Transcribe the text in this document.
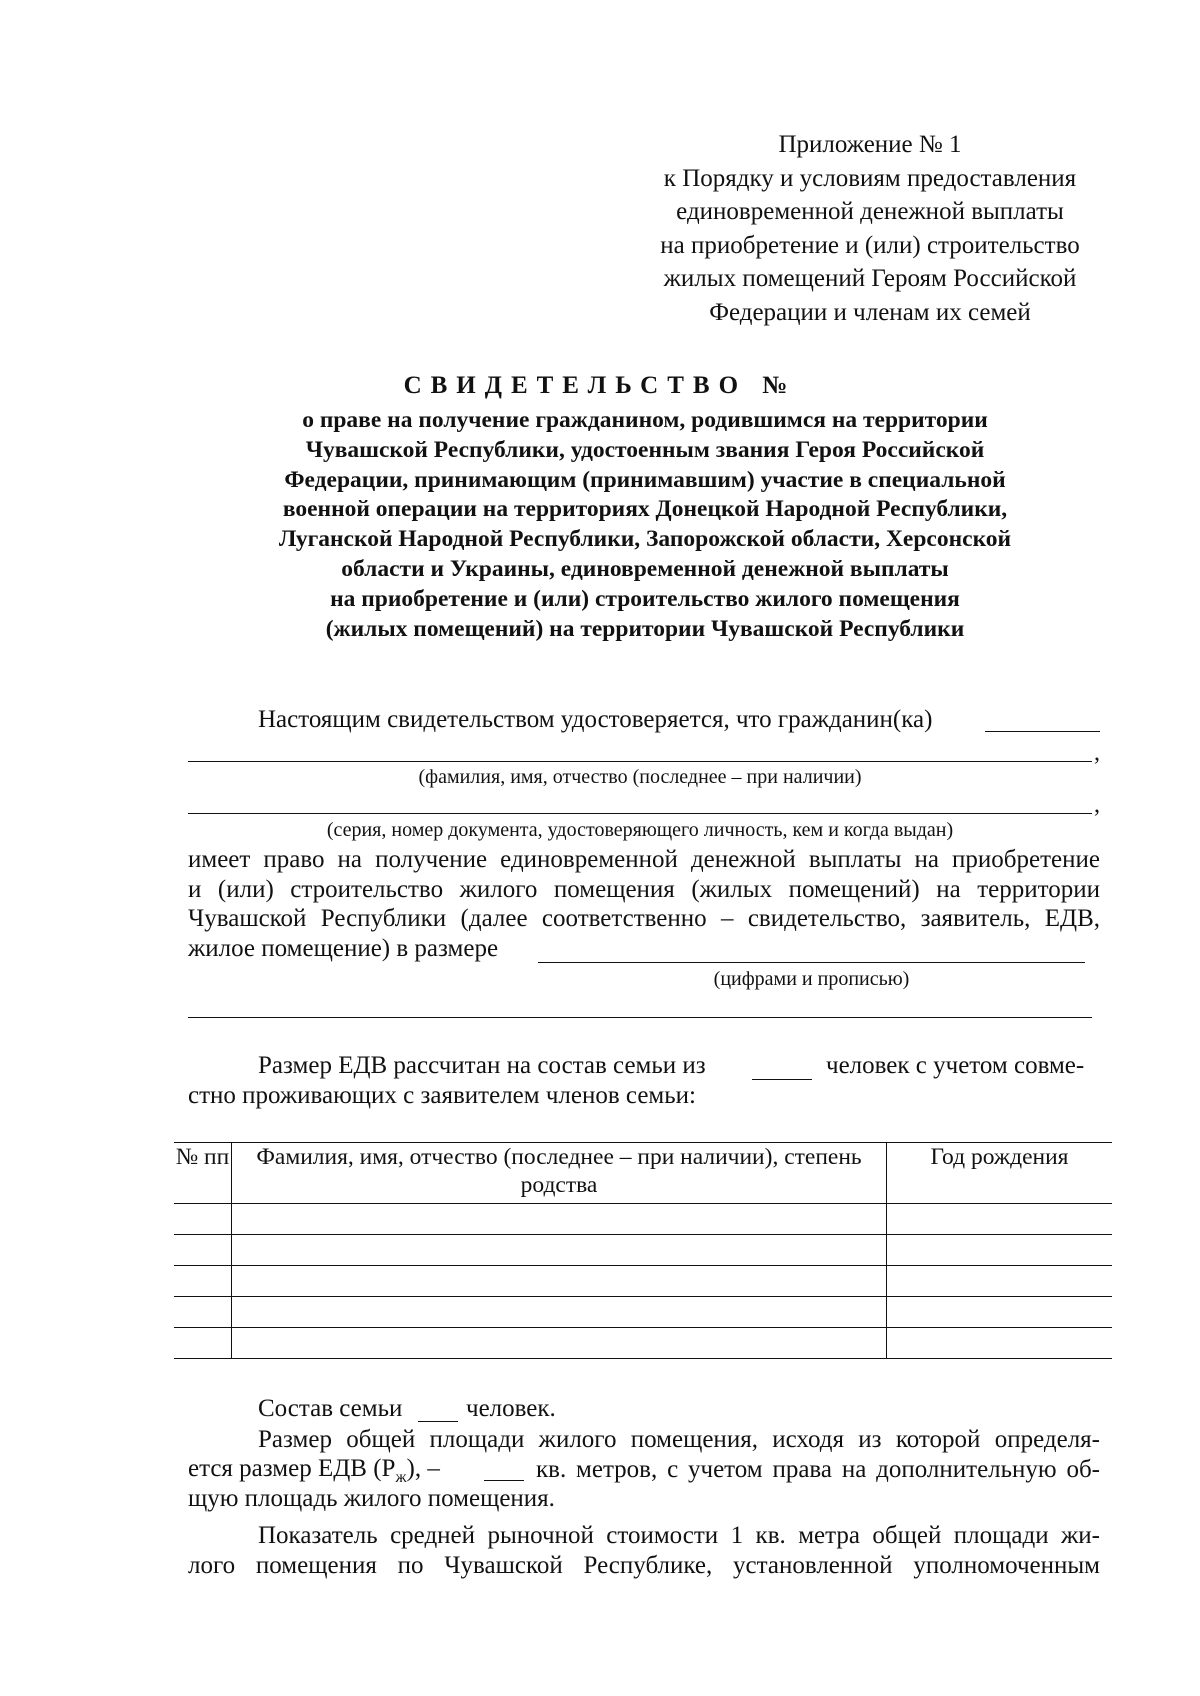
Приложение № 1
к Порядку и условиям предоставления
единовременной денежной выплаты
на приобретение и (или) строительство
жилых помещений Героям Российской
Федерации и членам их семей
СВИДЕТЕЛЬСТВО №
о праве на получение гражданином, родившимся на территории
Чувашской Республики, удостоенным звания Героя Российской
Федерации, принимающим (принимавшим) участие в специальной
военной операции на территориях Донецкой Народной Республики,
Луганской Народной Республики, Запорожской области, Херсонской
области и Украины, единовременной денежной выплаты
на приобретение и (или) строительство жилого помещения
(жилых помещений) на территории Чувашской Республики
Настоящим свидетельством удостоверяется, что гражданин(ка)
,
(фамилия, имя, отчество (последнее – при наличии)
,
(серия, номер документа, удостоверяющего личность, кем и когда выдан)
имеет право на получение единовременной денежной выплаты на приобретение
и (или) строительство жилого помещения (жилых помещений) на территории
Чувашской Республики (далее соответственно – свидетельство, заявитель, ЕДВ,
жилое помещение) в размере
(цифрами и прописью)
Размер ЕДВ рассчитан на состав семьи из	человек с учетом совме-
стно проживающих с заявителем членов семьи:
№ пп	Фамилия, имя, отчество (последнее – при наличии), степень родства	Год рождения

Состав семьи	человек.
Размер общей площади жилого помещения, исходя из которой определя-
ется размер ЕДВ $(Р_ж)$, –	кв. метров, с учетом права на дополнительную об-
щую площадь жилого помещения.
Показатель средней рыночной стоимости 1 кв. метра общей площади жи-
лого помещения по Чувашской Республике, установленной уполномоченным
